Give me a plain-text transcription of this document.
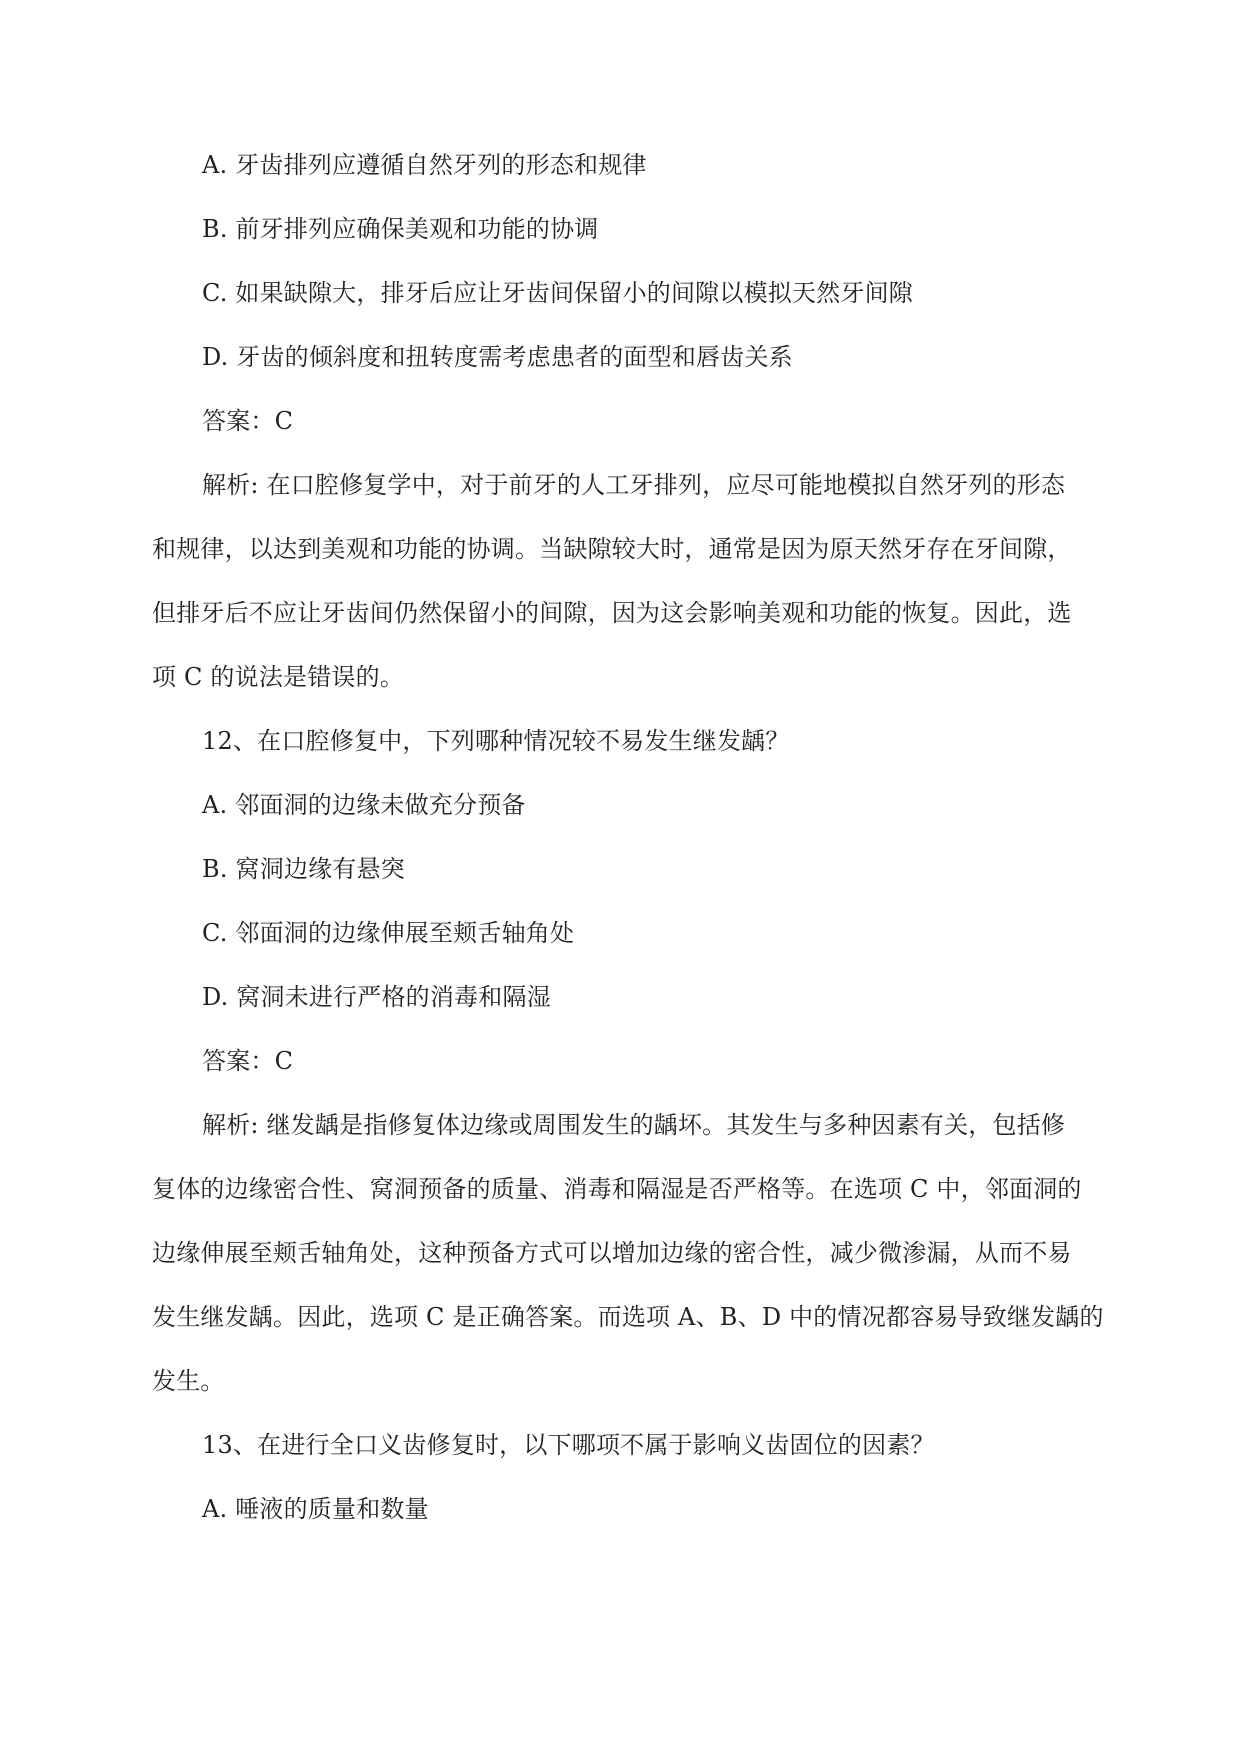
A. 牙齿排列应遵循自然牙列的形态和规律
B. 前牙排列应确保美观和功能的协调
C. 如果缺隙大，排牙后应让牙齿间保留小的间隙以模拟天然牙间隙
D. 牙齿的倾斜度和扭转度需考虑患者的面型和唇齿关系
答案：C
解析: 在口腔修复学中，对于前牙的人工牙排列，应尽可能地模拟自然牙列的形态
和规律，以达到美观和功能的协调。当缺隙较大时，通常是因为原天然牙存在牙间隙，
但排牙后不应让牙齿间仍然保留小的间隙，因为这会影响美观和功能的恢复。因此，选
项 C 的说法是错误的。
12、在口腔修复中，下列哪种情况较不易发生继发龋？
A. 邻面洞的边缘未做充分预备
B. 窝洞边缘有悬突
C. 邻面洞的边缘伸展至颊舌轴角处
D. 窝洞未进行严格的消毒和隔湿
答案：C
解析: 继发龋是指修复体边缘或周围发生的龋坏。其发生与多种因素有关，包括修
复体的边缘密合性、窝洞预备的质量、消毒和隔湿是否严格等。在选项 C 中，邻面洞的
边缘伸展至颊舌轴角处，这种预备方式可以增加边缘的密合性，减少微渗漏，从而不易
发生继发龋。因此，选项 C 是正确答案。而选项 A、B、D 中的情况都容易导致继发龋的
发生。
13、在进行全口义齿修复时，以下哪项不属于影响义齿固位的因素？
A. 唾液的质量和数量
